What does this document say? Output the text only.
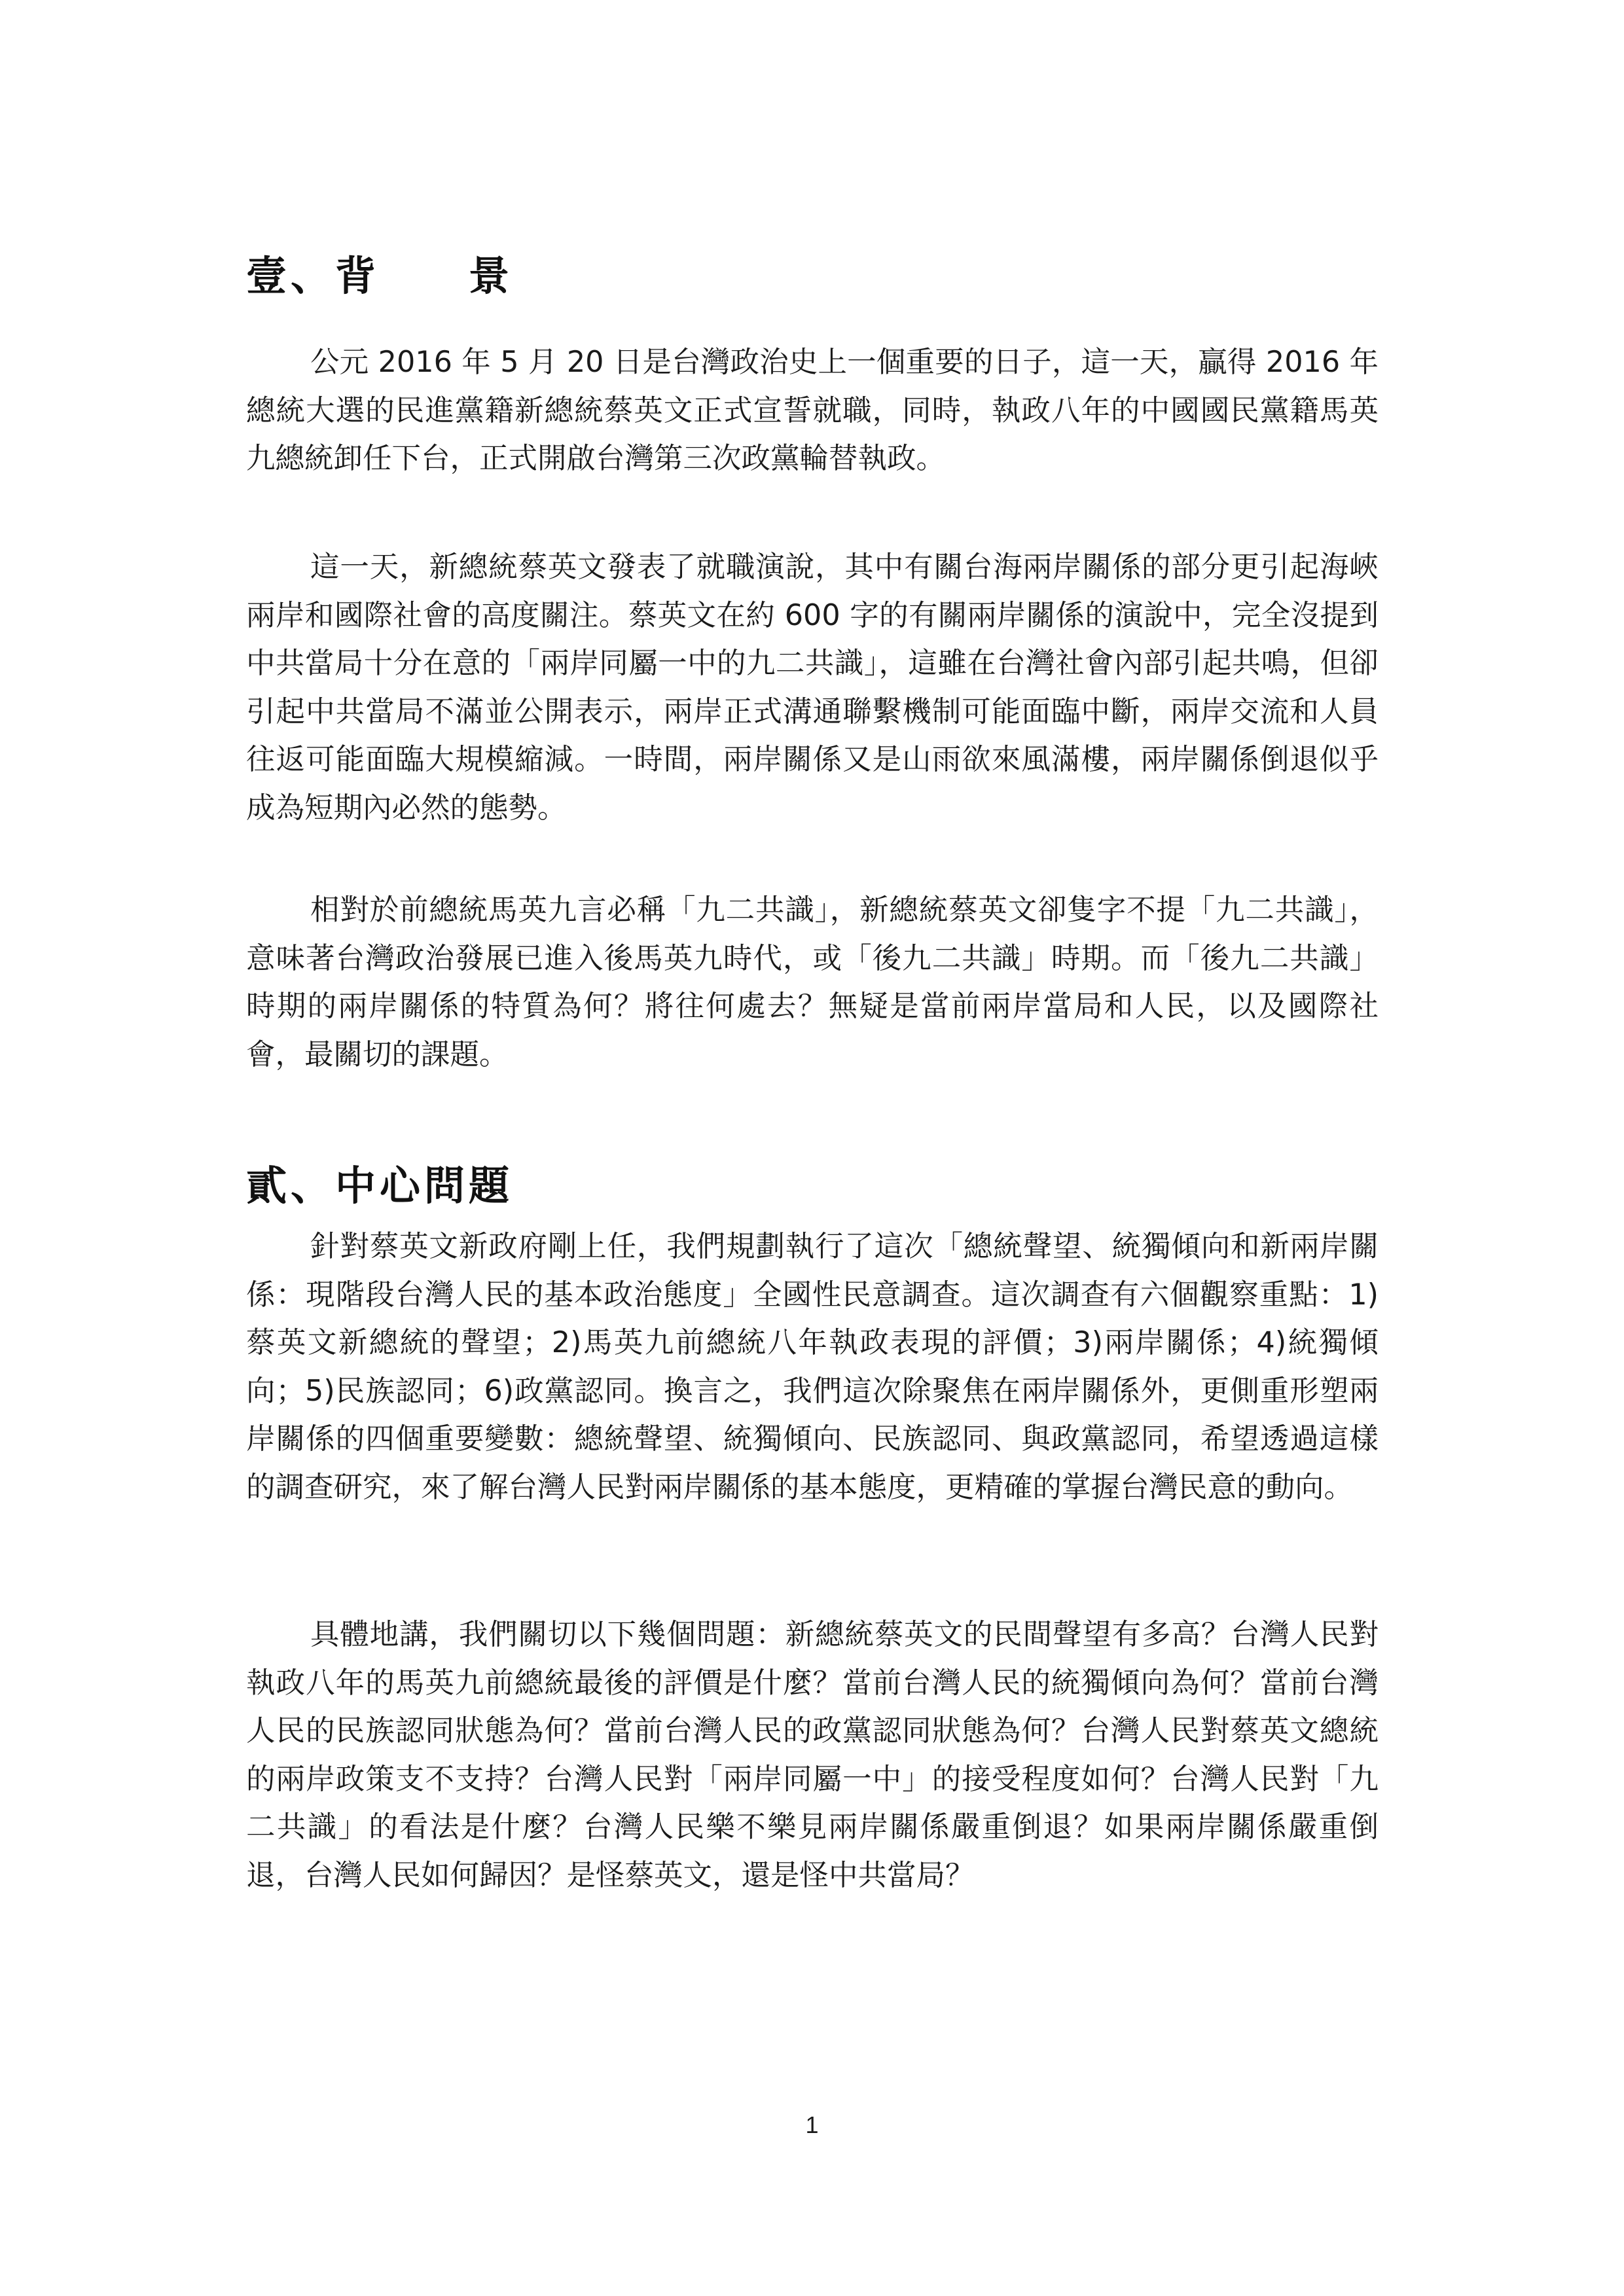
壹、背　　景

公元 2016 年 5 月 20 日是台灣政治史上一個重要的日子，這一天，贏得 2016 年總統大選的民進黨籍新總統蔡英文正式宣誓就職，同時，執政八年的中國國民黨籍馬英九總統卸任下台，正式開啟台灣第三次政黨輪替執政。

這一天，新總統蔡英文發表了就職演說，其中有關台海兩岸關係的部分更引起海峽兩岸和國際社會的高度關注。蔡英文在約 600 字的有關兩岸關係的演說中，完全沒提到中共當局十分在意的「兩岸同屬一中的九二共識」，這雖在台灣社會內部引起共鳴，但卻引起中共當局不滿並公開表示，兩岸正式溝通聯繫機制可能面臨中斷，兩岸交流和人員往返可能面臨大規模縮減。一時間，兩岸關係又是山雨欲來風滿樓，兩岸關係倒退似乎成為短期內必然的態勢。

相對於前總統馬英九言必稱「九二共識」，新總統蔡英文卻隻字不提「九二共識」，意味著台灣政治發展已進入後馬英九時代，或「後九二共識」時期。而「後九二共識」時期的兩岸關係的特質為何？將往何處去？無疑是當前兩岸當局和人民，以及國際社會，最關切的課題。

貳、中心問題

針對蔡英文新政府剛上任，我們規劃執行了這次「總統聲望、統獨傾向和新兩岸關係：現階段台灣人民的基本政治態度」全國性民意調查。這次調查有六個觀察重點：1)蔡英文新總統的聲望；2)馬英九前總統八年執政表現的評價；3)兩岸關係；4)統獨傾向；5)民族認同；6)政黨認同。換言之，我們這次除聚焦在兩岸關係外，更側重形塑兩岸關係的四個重要變數：總統聲望、統獨傾向、民族認同、與政黨認同，希望透過這樣的調查研究，來了解台灣人民對兩岸關係的基本態度，更精確的掌握台灣民意的動向。

具體地講，我們關切以下幾個問題：新總統蔡英文的民間聲望有多高？台灣人民對執政八年的馬英九前總統最後的評價是什麼？當前台灣人民的統獨傾向為何？當前台灣人民的民族認同狀態為何？當前台灣人民的政黨認同狀態為何？台灣人民對蔡英文總統的兩岸政策支不支持？台灣人民對「兩岸同屬一中」的接受程度如何？台灣人民對「九二共識」的看法是什麼？台灣人民樂不樂見兩岸關係嚴重倒退？如果兩岸關係嚴重倒退，台灣人民如何歸因？是怪蔡英文，還是怪中共當局？

1
